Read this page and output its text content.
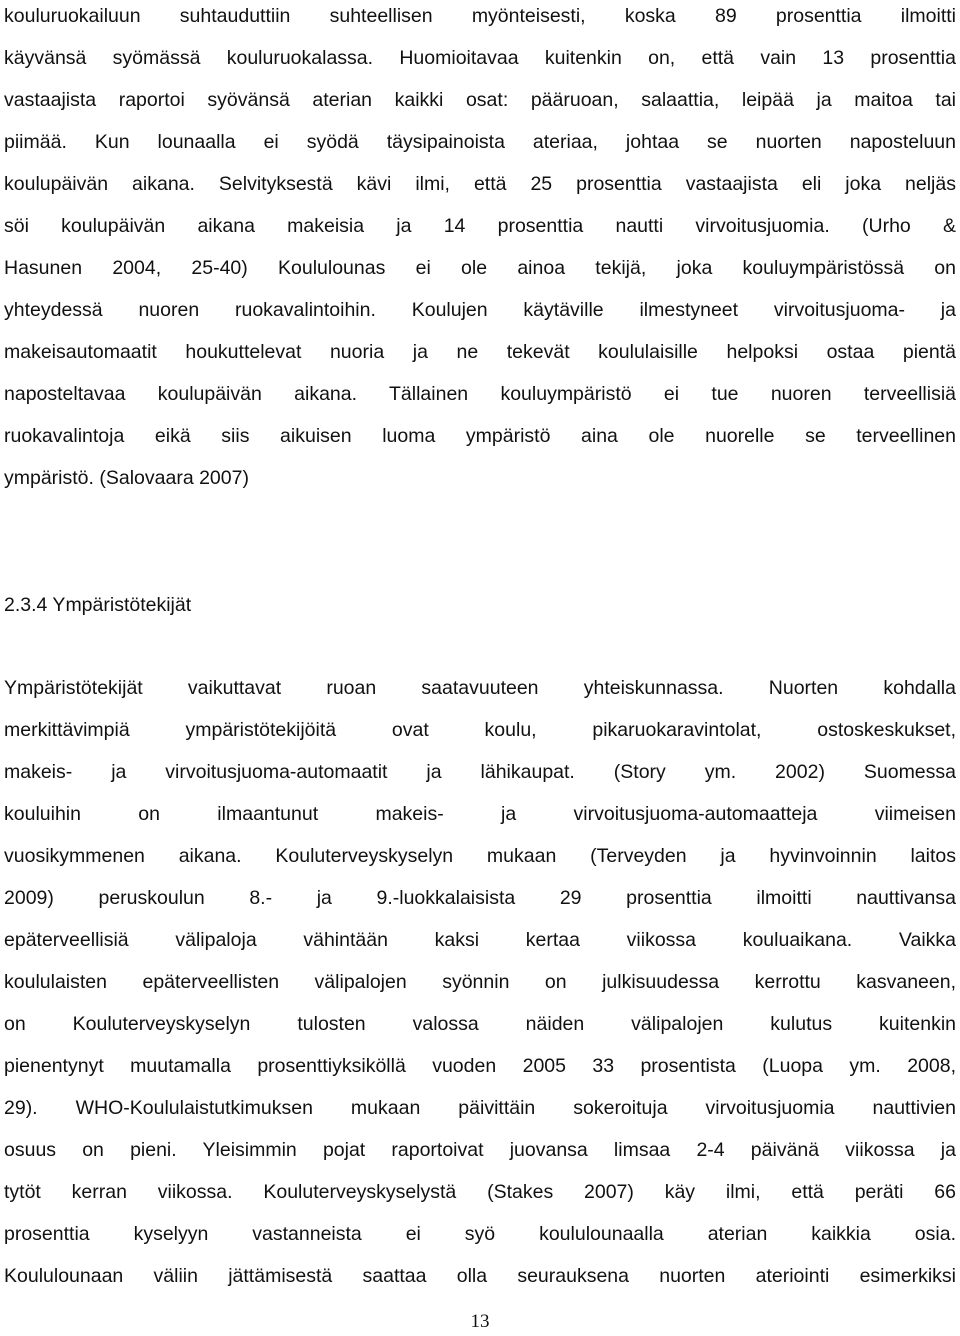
kouluruokailuun suhtauduttiin suhteellisen myönteisesti, koska 89 prosenttia ilmoitti
käyvänsä syömässä kouluruokalassa. Huomioitavaa kuitenkin on, että vain 13 prosenttia
vastaajista raportoi syövänsä aterian kaikki osat: pääruoan, salaattia, leipää ja maitoa tai
piimää. Kun lounaalla ei syödä täysipainoista ateriaa, johtaa se nuorten naposteluun
koulupäivän aikana. Selvityksestä kävi ilmi, että 25 prosenttia vastaajista eli joka neljäs
söi koulupäivän aikana makeisia ja 14 prosenttia nautti virvoitusjuomia. (Urho &
Hasunen 2004, 25-40) Koululounas ei ole ainoa tekijä, joka kouluympäristössä on
yhteydessä nuoren ruokavalintoihin. Koulujen käytäville ilmestyneet virvoitusjuoma- ja
makeisautomaatit houkuttelevat nuoria ja ne tekevät koululaisille helpoksi ostaa pientä
naposteltavaa koulupäivän aikana. Tällainen kouluympäristö ei tue nuoren terveellisiä
ruokavalintoja eikä siis aikuisen luoma ympäristö aina ole nuorelle se terveellinen
ympäristö. (Salovaara 2007)
2.3.4 Ympäristötekijät
Ympäristötekijät vaikuttavat ruoan saatavuuteen yhteiskunnassa. Nuorten kohdalla
merkittävimpiä ympäristötekijöitä ovat koulu, pikaruokaravintolat, ostoskeskukset,
makeis- ja virvoitusjuoma-automaatit ja lähikaupat. (Story ym. 2002) Suomessa
kouluihin on ilmaantunut makeis- ja virvoitusjuoma-automaatteja viimeisen
vuosikymmenen aikana. Kouluterveyskyselyn mukaan (Terveyden ja hyvinvoinnin laitos
2009) peruskoulun 8.- ja 9.-luokkalaisista 29 prosenttia ilmoitti nauttivansa
epäterveellisiä välipaloja vähintään kaksi kertaa viikossa kouluaikana. Vaikka
koululaisten epäterveellisten välipalojen syönnin on julkisuudessa kerrottu kasvaneen,
on Kouluterveyskyselyn tulosten valossa näiden välipalojen kulutus kuitenkin
pienentynyt muutamalla prosenttiyksiköllä vuoden 2005 33 prosentista (Luopa ym. 2008,
29). WHO-Koululaistutkimuksen mukaan päivittäin sokeroituja virvoitusjuomia nauttivien
osuus on pieni. Yleisimmin pojat raportoivat juovansa limsaa 2-4 päivänä viikossa ja
tytöt kerran viikossa. Kouluterveyskyselystä (Stakes 2007) käy ilmi, että peräti 66
prosenttia kyselyyn vastanneista ei syö koululounaalla aterian kaikkia osia.
Koululounaan väliin jättämisestä saattaa olla seurauksena nuorten ateriointi esimerkiksi
13
